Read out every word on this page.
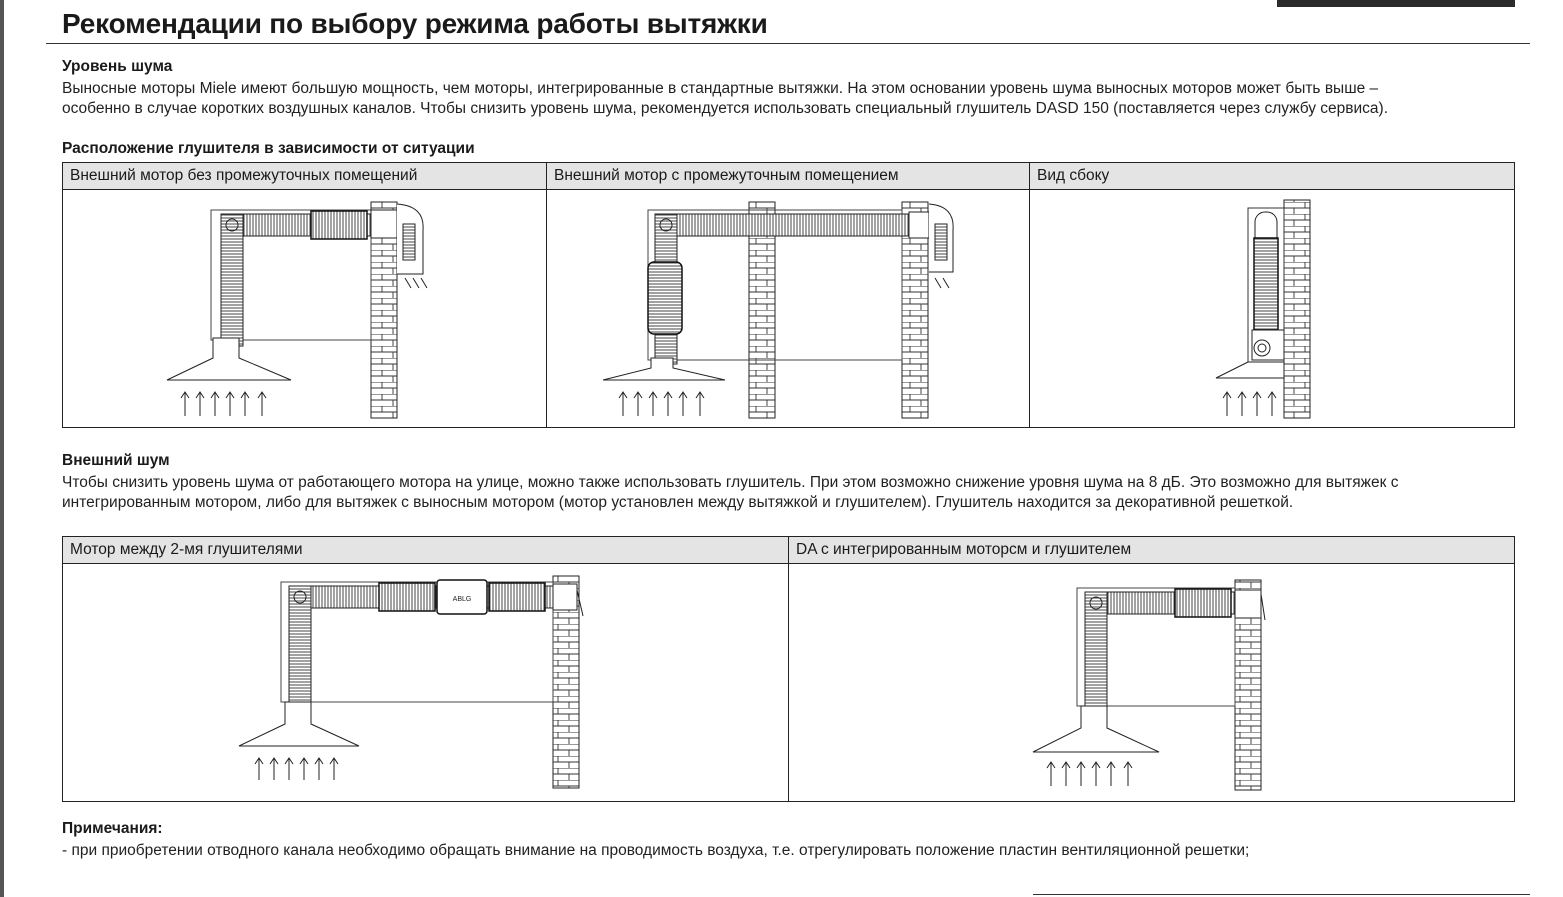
Рекомендации по выбору режима работы вытяжки

Уровень шума

Выносные моторы Miele имеют большую мощность, чем моторы, интегрированные в стандартные вытяжки. На этом основании уровень шума выносных моторов может быть выше –

особенно в случае коротких воздушных каналов. Чтобы снизить уровень шума, рекомендуется использовать специальный глушитель DASD 150 (поставляется через службу сервиса).

Расположение глушителя в зависимости от ситуации

Внешний мотор без промежуточных помещений	Внешний мотор с промежуточным помещением	Вид сбоку

Внешний шум

Чтобы снизить уровень шума от работающего мотора на улице, можно также использовать глушитель. При этом возможно снижение уровня шума на 8 дБ. Это возможно для вытяжек с

интегрированным мотором, либо для вытяжек с выносным мотором (мотор установлен между вытяжкой и глушителем). Глушитель находится за декоративной решеткой.

Мотор между 2-мя глушителями	DA с интегрированным моторсм и глушителем

ABLG

Примечания:

- при приобретении отводного канала необходимо обращать внимание на проводимость воздуха, т.е. отрегулировать положение пластин вентиляционной решетки;
